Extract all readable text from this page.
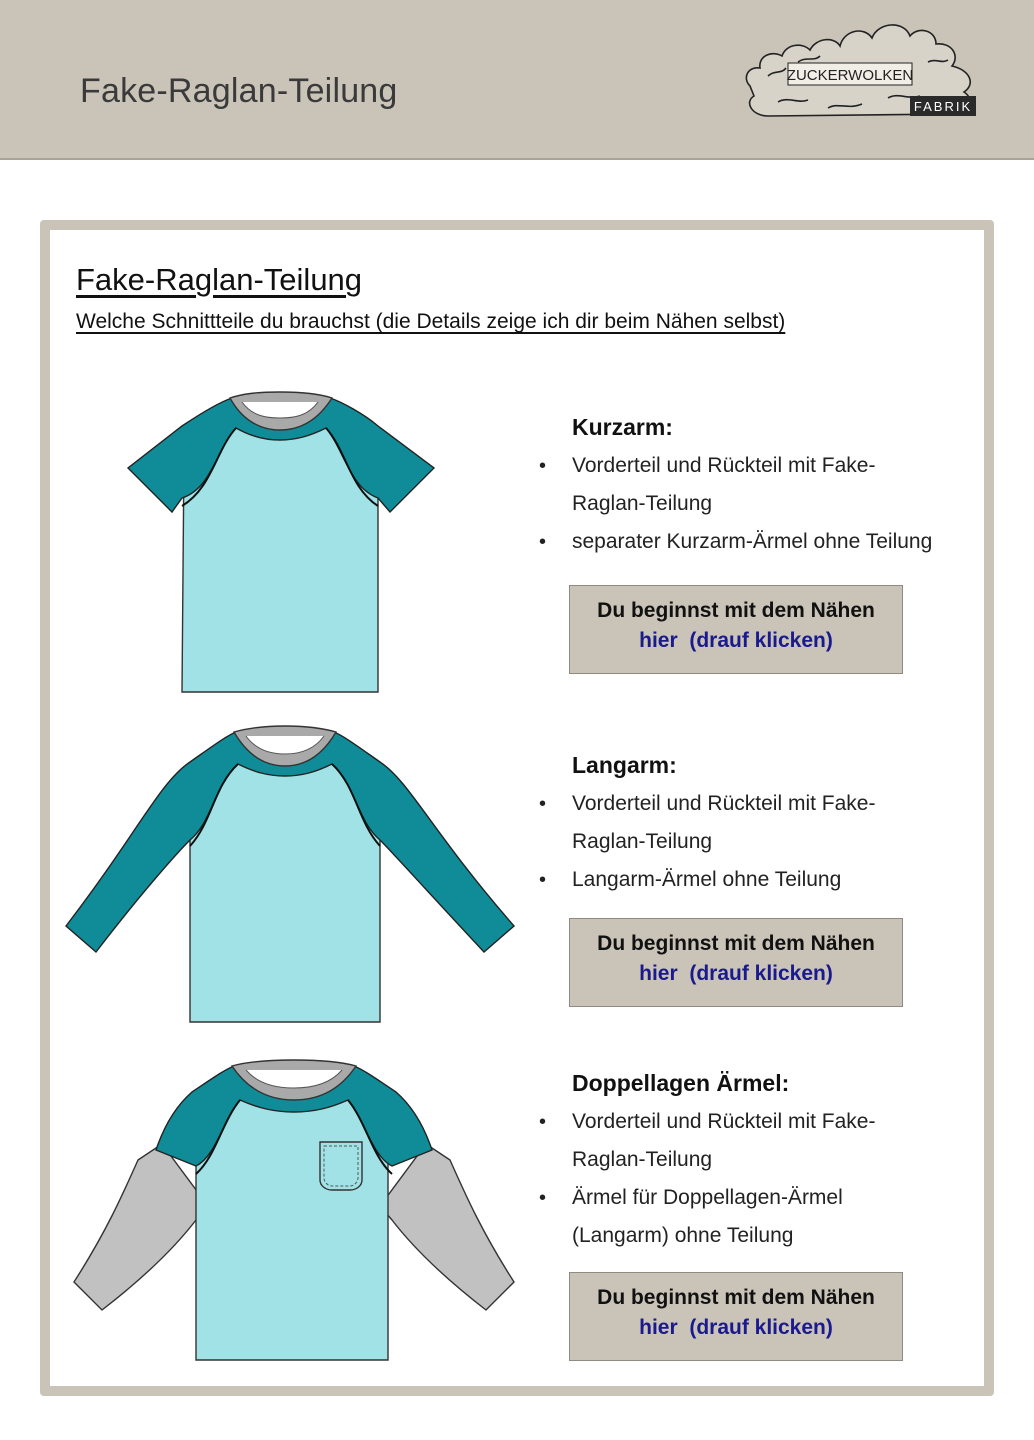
Fake-Raglan-Teilung	ZUCKERWOLKEN
FABRIK
Fake-Raglan-Teilung
Welche Schnittteile du brauchst (die Details zeige ich dir beim Nähen selbst)
Kurzarm:
• Vorderteil und Rückteil mit Fake-
Raglan-Teilung
• separater Kurzarm-Ärmel ohne Teilung
Du beginnst mit dem Nähen
hier  (drauf klicken)
Langarm:
• Vorderteil und Rückteil mit Fake-
Raglan-Teilung
• Langarm-Ärmel ohne Teilung
Du beginnst mit dem Nähen
hier  (drauf klicken)
Doppellagen Ärmel:
• Vorderteil und Rückteil mit Fake-
Raglan-Teilung
• Ärmel für Doppellagen-Ärmel
(Langarm) ohne Teilung
Du beginnst mit dem Nähen
hier  (drauf klicken)
